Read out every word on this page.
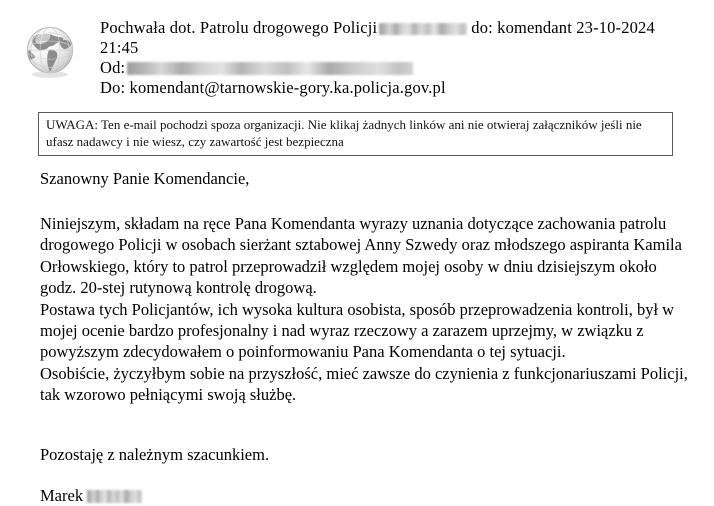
Pochwała dot. Patrolu drogowego Policji	do: komendant 23-10-2024
21:45
Od:
Do: komendant@tarnowskie-gory.ka.policja.gov.pl
UWAGA: Ten e-mail pochodzi spoza organizacji. Nie klikaj żadnych linków ani nie otwieraj załączników jeśli nie ufasz nadawcy i nie wiesz, czy zawartość jest bezpieczna

Szanowny Panie Komendancie,

Niniejszym, składam na ręce Pana Komendanta wyrazy uznania dotyczące zachowania patrolu drogowego Policji w osobach sierżant sztabowej Anny Szwedy oraz młodszego aspiranta Kamila Orłowskiego, który to patrol przeprowadził względem mojej osoby w dniu dzisiejszym około godz. 20-stej rutynową kontrolę drogową.

Postawa tych Policjantów, ich wysoka kultura osobista, sposób przeprowadzenia kontroli, był w mojej ocenie bardzo profesjonalny i nad wyraz rzeczowy a zarazem uprzejmy, w związku z powyższym zdecydowałem o poinformowaniu Pana Komendanta o tej sytuacji.

Osobiście, życzyłbym sobie na przyszłość, mieć zawsze do czynienia z funkcjonariuszami Policji, tak wzorowo pełniącymi swoją służbę.

Pozostaję z należnym szacunkiem.

Marek
